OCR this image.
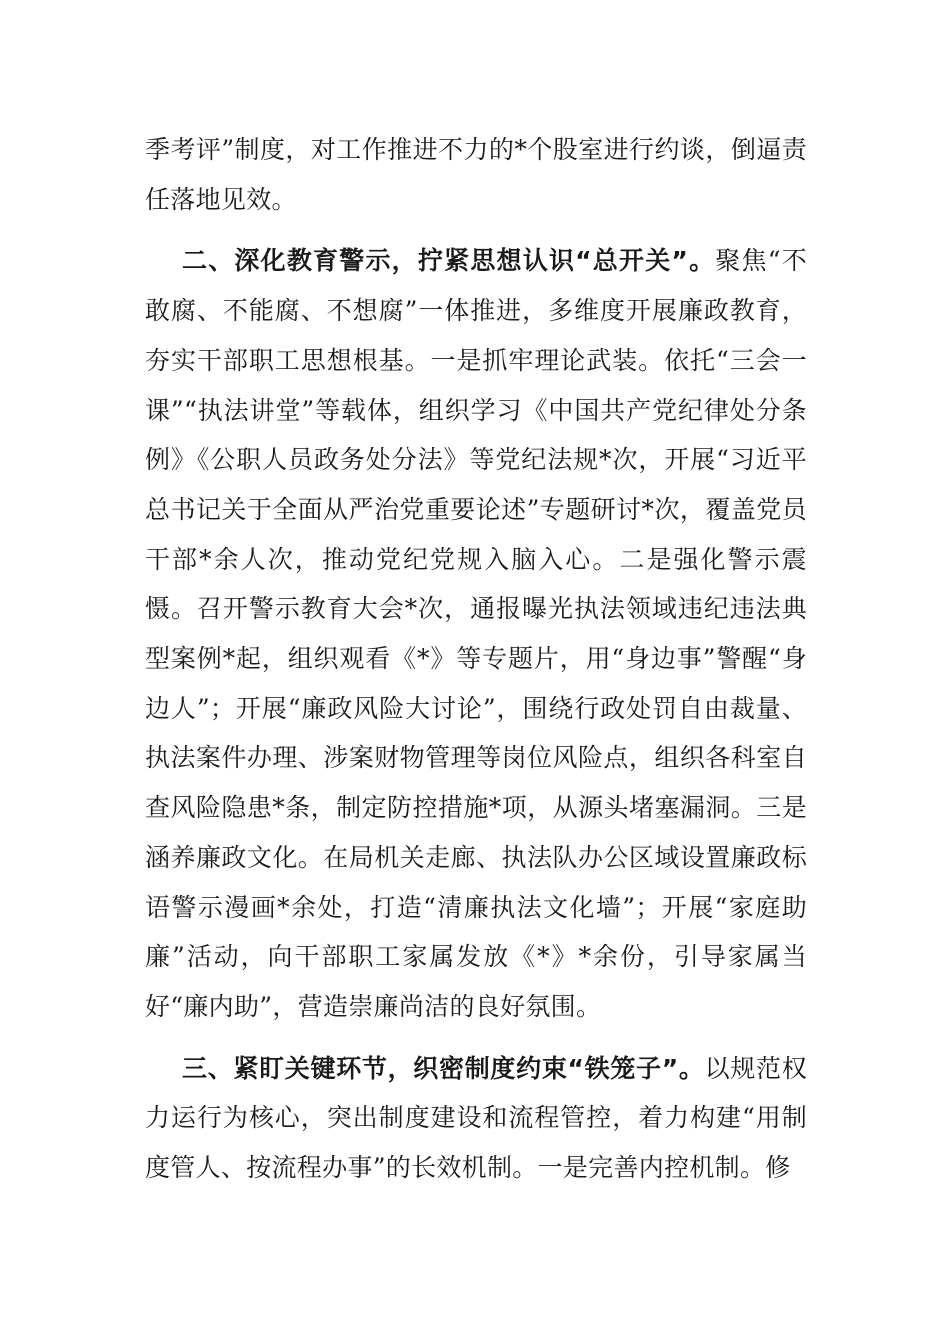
季考评”制度，对工作推进不力的*个股室进行约谈，倒逼责任落地见效。

二、深化教育警示，拧紧思想认识“总开关”。聚焦“不敢腐、不能腐、不想腐”一体推进，多维度开展廉政教育，夯实干部职工思想根基。一是抓牢理论武装。依托“三会一课”“执法讲堂”等载体，组织学习《中国共产党纪律处分条例》《公职人员政务处分法》等党纪法规*次，开展“习近平总书记关于全面从严治党重要论述”专题研讨*次，覆盖党员干部*余人次，推动党纪党规入脑入心。二是强化警示震慑。召开警示教育大会*次，通报曝光执法领域违纪违法典型案例*起，组织观看《*》等专题片，用“身边事”警醒“身边人”；开展“廉政风险大讨论”，围绕行政处罚自由裁量、执法案件办理、涉案财物管理等岗位风险点，组织各科室自查风险隐患*条，制定防控措施*项，从源头堵塞漏洞。三是涵养廉政文化。在局机关走廊、执法队办公区域设置廉政标语警示漫画*余处，打造“清廉执法文化墙”；开展“家庭助廉”活动，向干部职工家属发放《*》*余份，引导家属当好“廉内助”，营造崇廉尚洁的良好氛围。

三、紧盯关键环节，织密制度约束“铁笼子”。以规范权力运行为核心，突出制度建设和流程管控，着力构建“用制度管人、按流程办事”的长效机制。一是完善内控机制。修
